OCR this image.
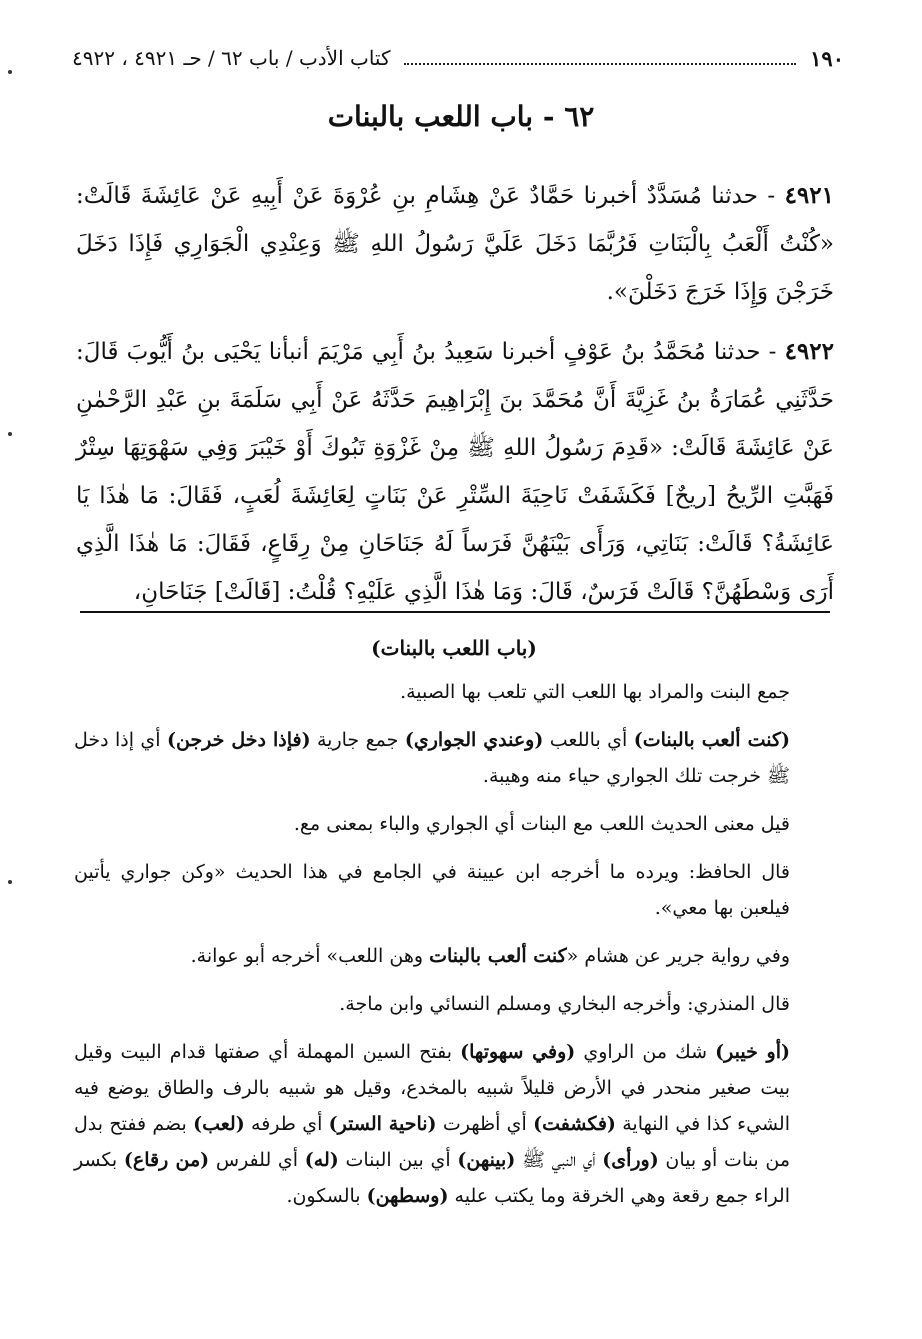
١٩٠
كتاب الأدب / باب ٦٢ / حـ ٤٩٢١ ، ٤٩٢٢
٦٢ - باب اللعب بالبنات
٤٩٢١ - حدثنا مُسَدَّدٌ أخبرنا حَمَّادٌ عَنْ هِشَامِ بنِ عُرْوَةَ عَنْ أَبِيهِ عَنْ عَائِشَةَ قَالَتْ: «كُنْتُ أَلْعَبُ بِالْبَنَاتِ فَرُبَّمَا دَخَلَ عَلَيَّ رَسُولُ اللهِ ﷺ وَعِنْدِي الْجَوَارِي فَإِذَا دَخَلَ خَرَجْنَ وَإِذَا خَرَجَ دَخَلْنَ».
٤٩٢٢ - حدثنا مُحَمَّدُ بنُ عَوْفٍ أخبرنا سَعِيدُ بنُ أَبِي مَرْيَمَ أنبأنا يَحْيَى بنُ أَيُّوبَ قَالَ: حَدَّثَنِي عُمَارَةُ بنُ غَزِيَّةَ أَنَّ مُحَمَّدَ بنَ إِبْرَاهِيمَ حَدَّثَهُ عَنْ أَبِي سَلَمَةَ بنِ عَبْدِ الرَّحْمٰنِ عَنْ عَائِشَةَ قَالَتْ: «قَدِمَ رَسُولُ اللهِ ﷺ مِنْ غَزْوَةِ تَبُوكَ أَوْ خَيْبَرَ وَفِي سَهْوَتِهَا سِتْرٌ فَهَبَّتِ الرِّيحُ [ريحٌ] فَكَشَفَتْ نَاحِيَةَ السِّتْرِ عَنْ بَنَاتٍ لِعَائِشَةَ لُعَبٍ، فَقَالَ: مَا هٰذَا يَا عَائِشَةُ؟ قَالَتْ: بَنَاتِي، وَرَأَى بَيْنَهُنَّ فَرَساً لَهُ جَنَاحَانِ مِنْ رِقَاعٍ، فَقَالَ: مَا هٰذَا الَّذِي أَرَى وَسْطَهُنَّ؟ قَالَتْ فَرَسٌ، قَالَ: وَمَا هٰذَا الَّذِي عَلَيْهِ؟ قُلْتُ: [قَالَتْ] جَنَاحَانِ،

(باب اللعب بالبنات)

جمع البنت والمراد بها اللعب التي تلعب بها الصبية.

(كنت ألعب بالبنات) أي باللعب (وعندي الجواري) جمع جارية (فإذا دخل خرجن) أي إذا دخل ﷺ خرجت تلك الجواري حياء منه وهيبة.

قيل معنى الحديث اللعب مع البنات أي الجواري والباء بمعنى مع.

قال الحافظ: ويرده ما أخرجه ابن عيينة في الجامع في هذا الحديث «وكن جواري يأتين فيلعبن بها معي».

وفي رواية جرير عن هشام «كنت ألعب بالبنات وهن اللعب» أخرجه أبو عوانة.

قال المنذري: وأخرجه البخاري ومسلم النسائي وابن ماجة.

(أو خيبر) شك من الراوي (وفي سهوتها) بفتح السين المهملة أي صفتها قدام البيت وقيل بيت صغير منحدر في الأرض قليلاً شبيه بالمخدع، وقيل هو شبيه بالرف والطاق يوضع فيه الشيء كذا في النهاية (فكشفت) أي أظهرت (ناحية الستر) أي طرفه (لعب) بضم ففتح بدل من بنات أو بيان (ورأى) أي النبي ﷺ (بينهن) أي بين البنات (له) أي للفرس (من رقاع) بكسر الراء جمع رقعة وهي الخرقة وما يكتب عليه (وسطهن) بالسكون.
